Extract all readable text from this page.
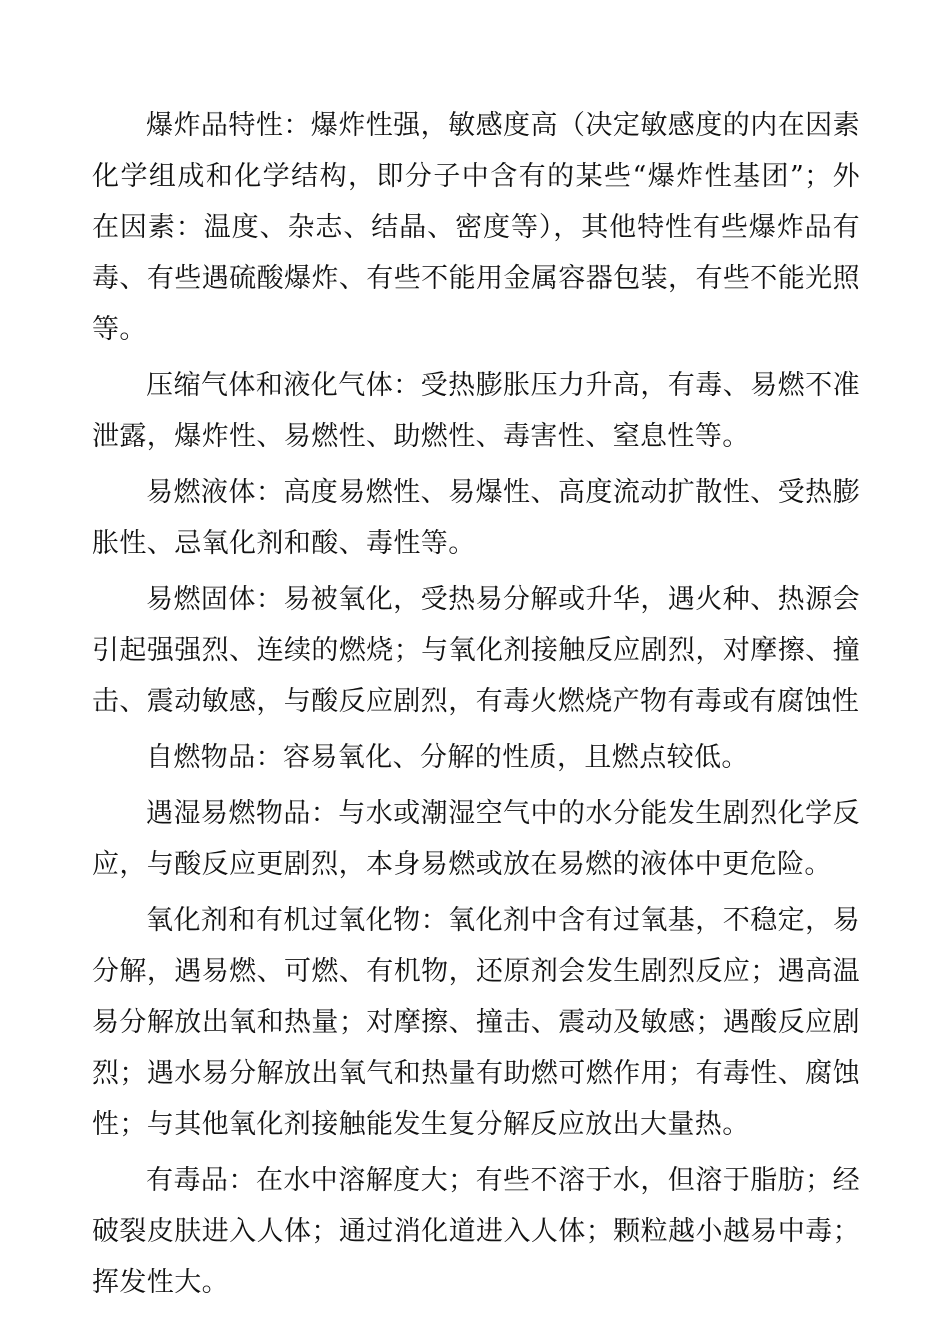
爆炸品特性：爆炸性强，敏感度高（决定敏感度的内在因素化学组成和化学结构，即分子中含有的某些“爆炸性基团”；外在因素：温度、杂志、结晶、密度等），其他特性有些爆炸品有毒、有些遇硫酸爆炸、有些不能用金属容器包装，有些不能光照等。

压缩气体和液化气体：受热膨胀压力升高，有毒、易燃不准泄露，爆炸性、易燃性、助燃性、毒害性、窒息性等。

易燃液体：高度易燃性、易爆性、高度流动扩散性、受热膨胀性、忌氧化剂和酸、毒性等。

易燃固体：易被氧化，受热易分解或升华，遇火种、热源会引起强强烈、连续的燃烧；与氧化剂接触反应剧烈，对摩擦、撞击、震动敏感，与酸反应剧烈，有毒火燃烧产物有毒或有腐蚀性

自燃物品：容易氧化、分解的性质，且燃点较低。

遇湿易燃物品：与水或潮湿空气中的水分能发生剧烈化学反应，与酸反应更剧烈，本身易燃或放在易燃的液体中更危险。

氧化剂和有机过氧化物：氧化剂中含有过氧基，不稳定，易分解，遇易燃、可燃、有机物，还原剂会发生剧烈反应；遇高温易分解放出氧和热量；对摩擦、撞击、震动及敏感；遇酸反应剧烈；遇水易分解放出氧气和热量有助燃可燃作用；有毒性、腐蚀性；与其他氧化剂接触能发生复分解反应放出大量热。

有毒品：在水中溶解度大；有些不溶于水，但溶于脂肪；经破裂皮肤进入人体；通过消化道进入人体；颗粒越小越易中毒；挥发性大。
